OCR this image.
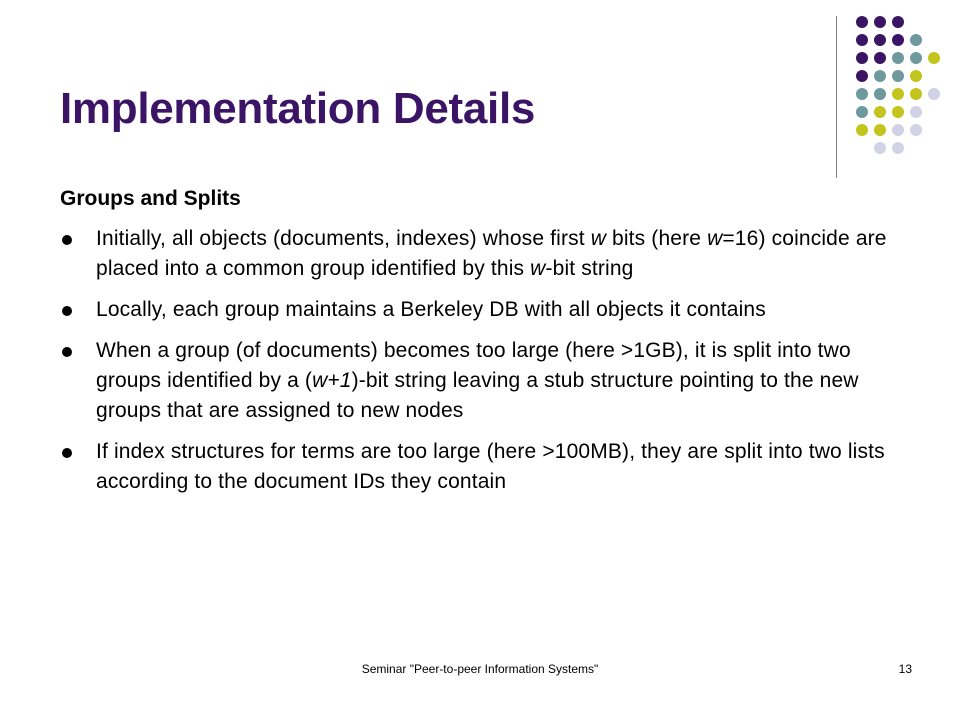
Implementation Details
Groups and Splits
Initially, all objects (documents, indexes) whose first w bits (here w=16) coincide are placed into a common group identified by this w-bit string
Locally, each group maintains a Berkeley DB with all objects it contains
When a group (of documents) becomes too large (here >1GB), it is split into two groups identified by a (w+1)-bit string leaving a stub structure pointing to the new groups that are assigned to new nodes
If index structures for terms are too large (here >100MB), they are split into two lists according to the document IDs they contain
Seminar "Peer-to-peer Information Systems"	13
